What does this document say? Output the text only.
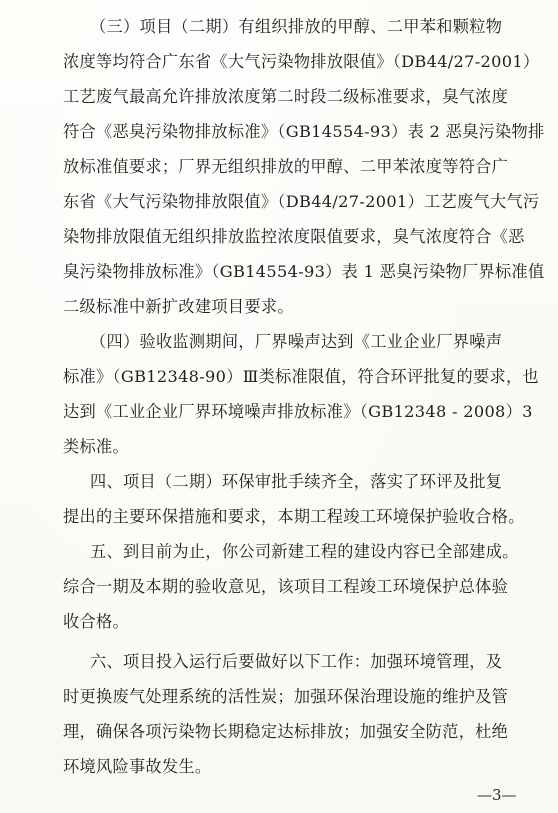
（三）项目（二期）有组织排放的甲醇、二甲苯和颗粒物
浓度等均符合广东省《大气污染物排放限值》（DB44/27-2001）
工艺废气最高允许排放浓度第二时段二级标准要求，臭气浓度
符合《恶臭污染物排放标准》（GB14554-93）表 2 恶臭污染物排
放标准值要求；厂界无组织排放的甲醇、二甲苯浓度等符合广
东省《大气污染物排放限值》（DB44/27-2001）工艺废气大气污
染物排放限值无组织排放监控浓度限值要求，臭气浓度符合《恶
臭污染物排放标准》（GB14554-93）表 1 恶臭污染物厂界标准值
二级标准中新扩改建项目要求。
（四）验收监测期间，厂界噪声达到《工业企业厂界噪声
标准》（GB12348-90）Ⅲ类标准限值，符合环评批复的要求，也
达到《工业企业厂界环境噪声排放标准》（GB12348 - 2008）3
类标准。
四、项目（二期）环保审批手续齐全，落实了环评及批复
提出的主要环保措施和要求，本期工程竣工环境保护验收合格。
五、到目前为止，你公司新建工程的建设内容已全部建成。
综合一期及本期的验收意见，该项目工程竣工环境保护总体验
收合格。
六、项目投入运行后要做好以下工作：加强环境管理，及
时更换废气处理系统的活性炭；加强环保治理设施的维护及管
理，确保各项污染物长期稳定达标排放；加强安全防范，杜绝
环境风险事故发生。
—3—
